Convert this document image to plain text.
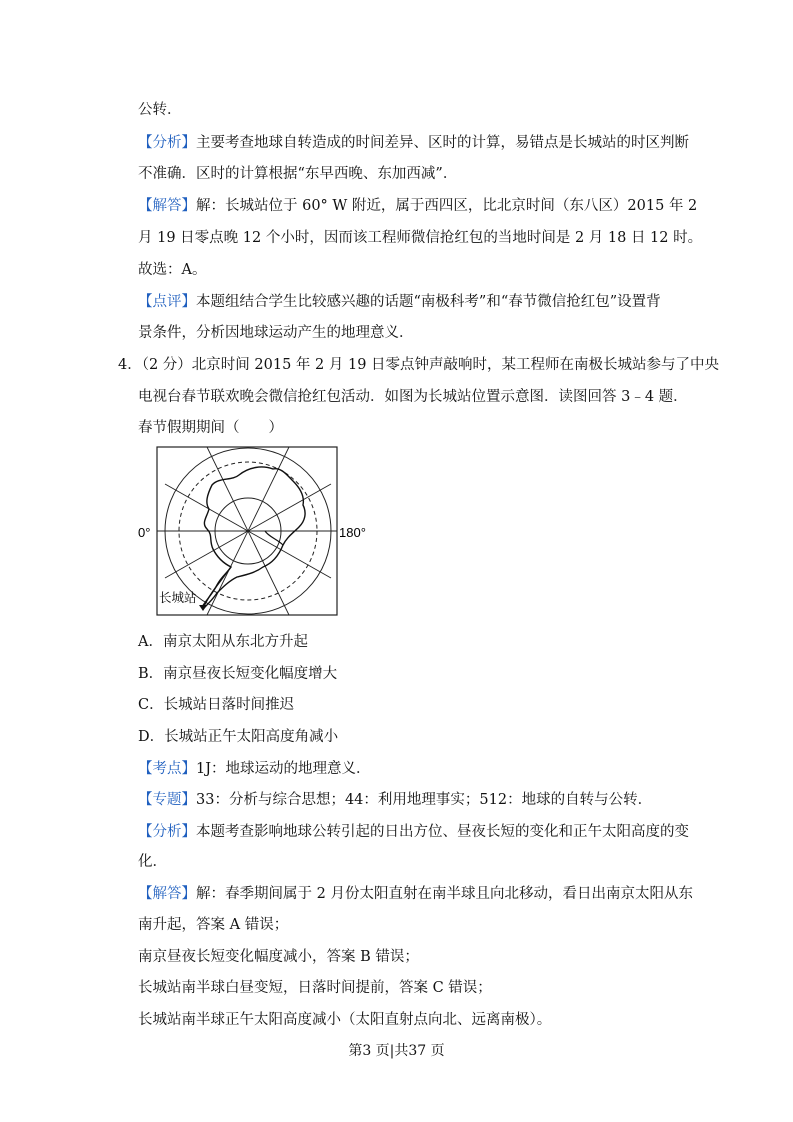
公转．
【分析】主要考查地球自转造成的时间差异、区时的计算，易错点是长城站的时区判断
不准确．区时的计算根据“东早西晚、东加西减”．
【解答】解：长城站位于 60° W 附近，属于西四区，比北京时间（东八区）2015 年 2
月 19 日零点晚 12 个小时，因而该工程师微信抢红包的当地时间是 2 月 18 日 12 时。
故选：A。
【点评】本题组结合学生比较感兴趣的话题“南极科考”和“春节微信抢红包”设置背
景条件，分析因地球运动产生的地理意义．
4．（2 分）北京时间 2015 年 2 月 19 日零点钟声敲响时，某工程师在南极长城站参与了中央
电视台春节联欢晚会微信抢红包活动．如图为长城站位置示意图．读图回答 3﹣4 题．
春节假期期间（　　）
0°	180°
长城站
A．南京太阳从东北方升起
B．南京昼夜长短变化幅度增大
C．长城站日落时间推迟
D．长城站正午太阳高度角减小
【考点】1J：地球运动的地理意义．
【专题】33：分析与综合思想；44：利用地理事实；512：地球的自转与公转．
【分析】本题考查影响地球公转引起的日出方位、昼夜长短的变化和正午太阳高度的变
化．
【解答】解：春季期间属于 2 月份太阳直射在南半球且向北移动，看日出南京太阳从东
南升起，答案 A 错误；
南京昼夜长短变化幅度减小，答案 B 错误；
长城站南半球白昼变短，日落时间提前，答案 C 错误；
长城站南半球正午太阳高度减小（太阳直射点向北、远离南极）。
第3 页|共37 页
